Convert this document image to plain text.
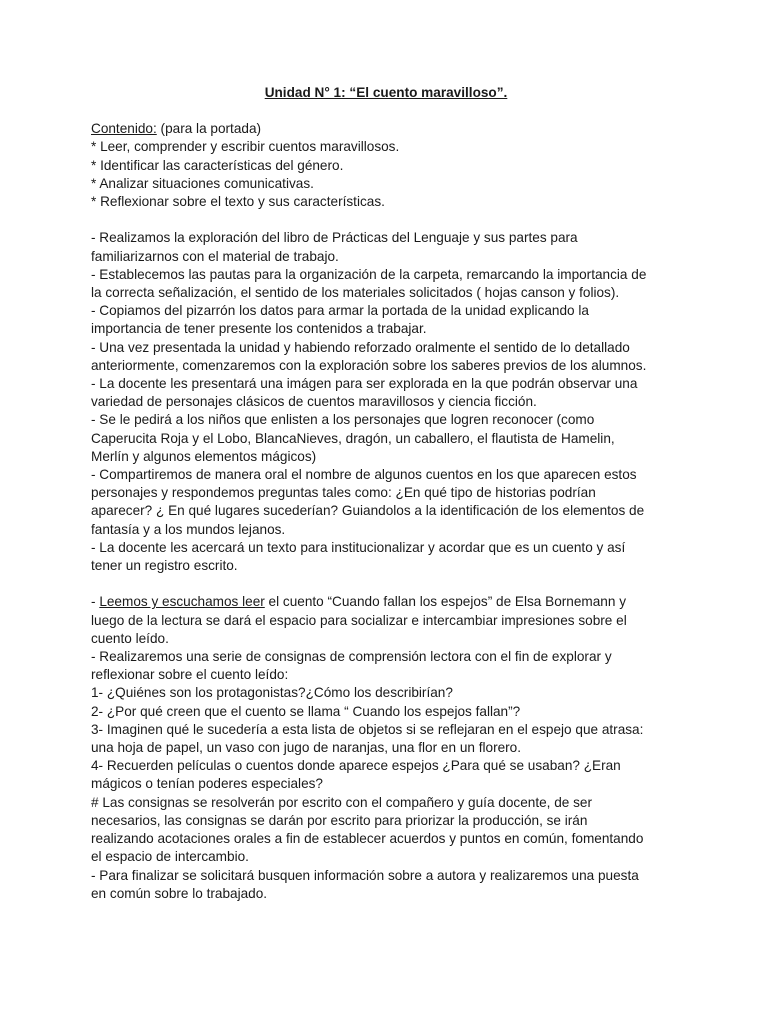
Unidad N° 1: “El cuento maravilloso”.

Contenido: (para la portada)

* Leer, comprender y escribir cuentos maravillosos.

* Identificar las características del género.

* Analizar situaciones comunicativas.

* Reflexionar sobre el texto y sus características.

- Realizamos la exploración del libro de Prácticas del Lenguaje y sus partes para

familiarizarnos con el material de trabajo.

- Establecemos las pautas para la organización de la carpeta, remarcando la importancia de

la correcta señalización, el sentido de los materiales solicitados ( hojas canson y folios).

- Copiamos del pizarrón los datos para armar la portada de la unidad explicando la

importancia de tener presente los contenidos a trabajar.

- Una vez presentada la unidad y habiendo reforzado oralmente el sentido de lo detallado

anteriormente, comenzaremos con la exploración sobre los saberes previos de los alumnos.

- La docente les presentará una imágen para ser explorada en la que podrán observar una

variedad de personajes clásicos de cuentos maravillosos y ciencia ficción.

- Se le pedirá a los niños que enlisten a los personajes que logren reconocer (como

Caperucita Roja y el Lobo, BlancaNieves, dragón, un caballero, el flautista de Hamelin,

Merlín y algunos elementos mágicos)

- Compartiremos de manera oral el nombre de algunos cuentos en los que aparecen estos

personajes y respondemos preguntas tales como: ¿En qué tipo de historias podrían

aparecer? ¿ En qué lugares sucederían? Guiandolos a la identificación de los elementos de

fantasía y a los mundos lejanos.

- La docente les acercará un texto para institucionalizar y acordar que es un cuento y así

tener un registro escrito.

- Leemos y escuchamos leer el cuento “Cuando fallan los espejos” de Elsa Bornemann y

luego de la lectura se dará el espacio para socializar e intercambiar impresiones sobre el

cuento leído.

- Realizaremos una serie de consignas de comprensión lectora con el fin de explorar y

reflexionar sobre el cuento leído:

1- ¿Quiénes son los protagonistas?¿Cómo los describirían?

2- ¿Por qué creen que el cuento se llama “ Cuando los espejos fallan”?

3- Imaginen qué le sucedería a esta lista de objetos si se reflejaran en el espejo que atrasa:

una hoja de papel, un vaso con jugo de naranjas, una flor en un florero.

4- Recuerden películas o cuentos donde aparece espejos ¿Para qué se usaban? ¿Eran

mágicos o tenían poderes especiales?

# Las consignas se resolverán por escrito con el compañero y guía docente, de ser

necesarios, las consignas se darán por escrito para priorizar la producción, se irán

realizando acotaciones orales a fin de establecer acuerdos y puntos en común, fomentando

el espacio de intercambio.

- Para finalizar se solicitará busquen información sobre a autora y realizaremos una puesta

en común sobre lo trabajado.
